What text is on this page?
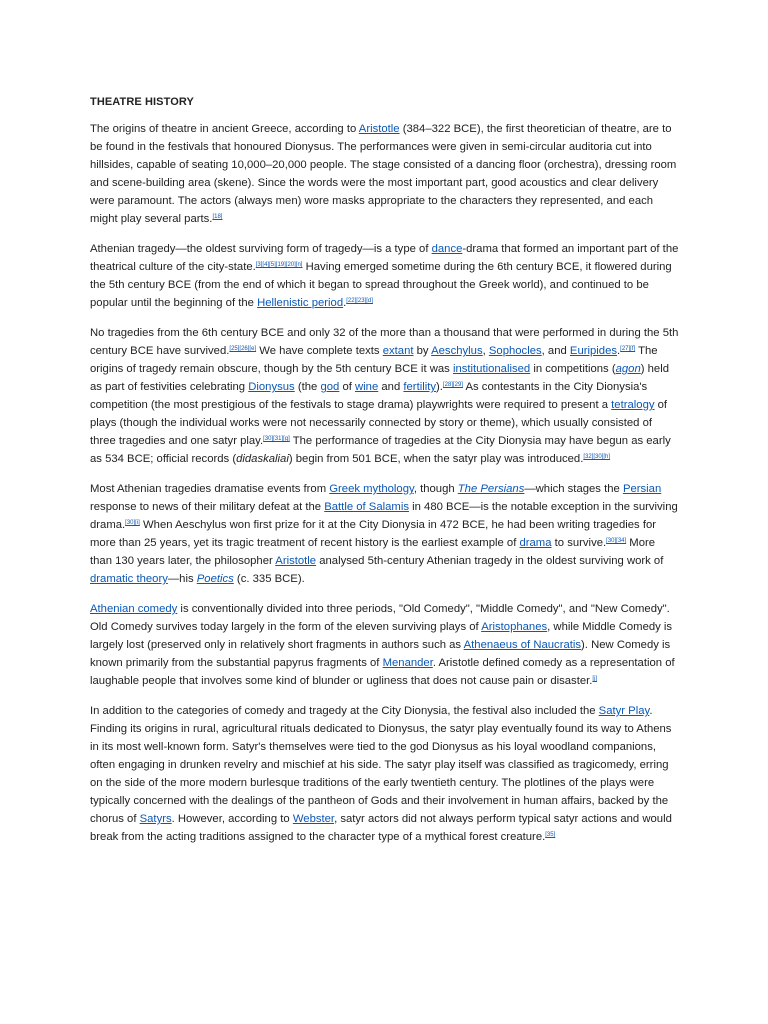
THEATRE HISTORY

The origins of theatre in ancient Greece, according to Aristotle (384–322 BCE), the first theoretician of theatre, are to be found in the festivals that honoured Dionysus. The performances were given in semi-circular auditoria cut into hillsides, capable of seating 10,000–20,000 people. The stage consisted of a dancing floor (orchestra), dressing room and scene-building area (skene). Since the words were the most important part, good acoustics and clear delivery were paramount. The actors (always men) wore masks appropriate to the characters they represented, and each might play several parts.[18]

Athenian tragedy—the oldest surviving form of tragedy—is a type of dance-drama that formed an important part of the theatrical culture of the city-state.[3][4][5][19][20][n] Having emerged sometime during the 6th century BCE, it flowered during the 5th century BCE (from the end of which it began to spread throughout the Greek world), and continued to be popular until the beginning of the Hellenistic period.[22][23][d]

No tragedies from the 6th century BCE and only 32 of the more than a thousand that were performed in during the 5th century BCE have survived.[25][26][e] We have complete texts extant by Aeschylus, Sophocles, and Euripides.[27][f] The origins of tragedy remain obscure, though by the 5th century BCE it was institutionalised in competitions (agon) held as part of festivities celebrating Dionysus (the god of wine and fertility).[28][29] As contestants in the City Dionysia's competition (the most prestigious of the festivals to stage drama) playwrights were required to present a tetralogy of plays (though the individual works were not necessarily connected by story or theme), which usually consisted of three tragedies and one satyr play.[30][31][g] The performance of tragedies at the City Dionysia may have begun as early as 534 BCE; official records (didaskaliai) begin from 501 BCE, when the satyr play was introduced.[32][30][h]

Most Athenian tragedies dramatise events from Greek mythology, though The Persians—which stages the Persian response to news of their military defeat at the Battle of Salamis in 480 BCE—is the notable exception in the surviving drama.[30][i] When Aeschylus won first prize for it at the City Dionysia in 472 BCE, he had been writing tragedies for more than 25 years, yet its tragic treatment of recent history is the earliest example of drama to survive.[30][34] More than 130 years later, the philosopher Aristotle analysed 5th-century Athenian tragedy in the oldest surviving work of dramatic theory—his Poetics (c. 335 BCE).

Athenian comedy is conventionally divided into three periods, "Old Comedy", "Middle Comedy", and "New Comedy". Old Comedy survives today largely in the form of the eleven surviving plays of Aristophanes, while Middle Comedy is largely lost (preserved only in relatively short fragments in authors such as Athenaeus of Naucratis). New Comedy is known primarily from the substantial papyrus fragments of Menander. Aristotle defined comedy as a representation of laughable people that involves some kind of blunder or ugliness that does not cause pain or disaster.[j]

In addition to the categories of comedy and tragedy at the City Dionysia, the festival also included the Satyr Play. Finding its origins in rural, agricultural rituals dedicated to Dionysus, the satyr play eventually found its way to Athens in its most well-known form. Satyr's themselves were tied to the god Dionysus as his loyal woodland companions, often engaging in drunken revelry and mischief at his side. The satyr play itself was classified as tragicomedy, erring on the side of the more modern burlesque traditions of the early twentieth century. The plotlines of the plays were typically concerned with the dealings of the pantheon of Gods and their involvement in human affairs, backed by the chorus of Satyrs. However, according to Webster, satyr actors did not always perform typical satyr actions and would break from the acting traditions assigned to the character type of a mythical forest creature.[35]
